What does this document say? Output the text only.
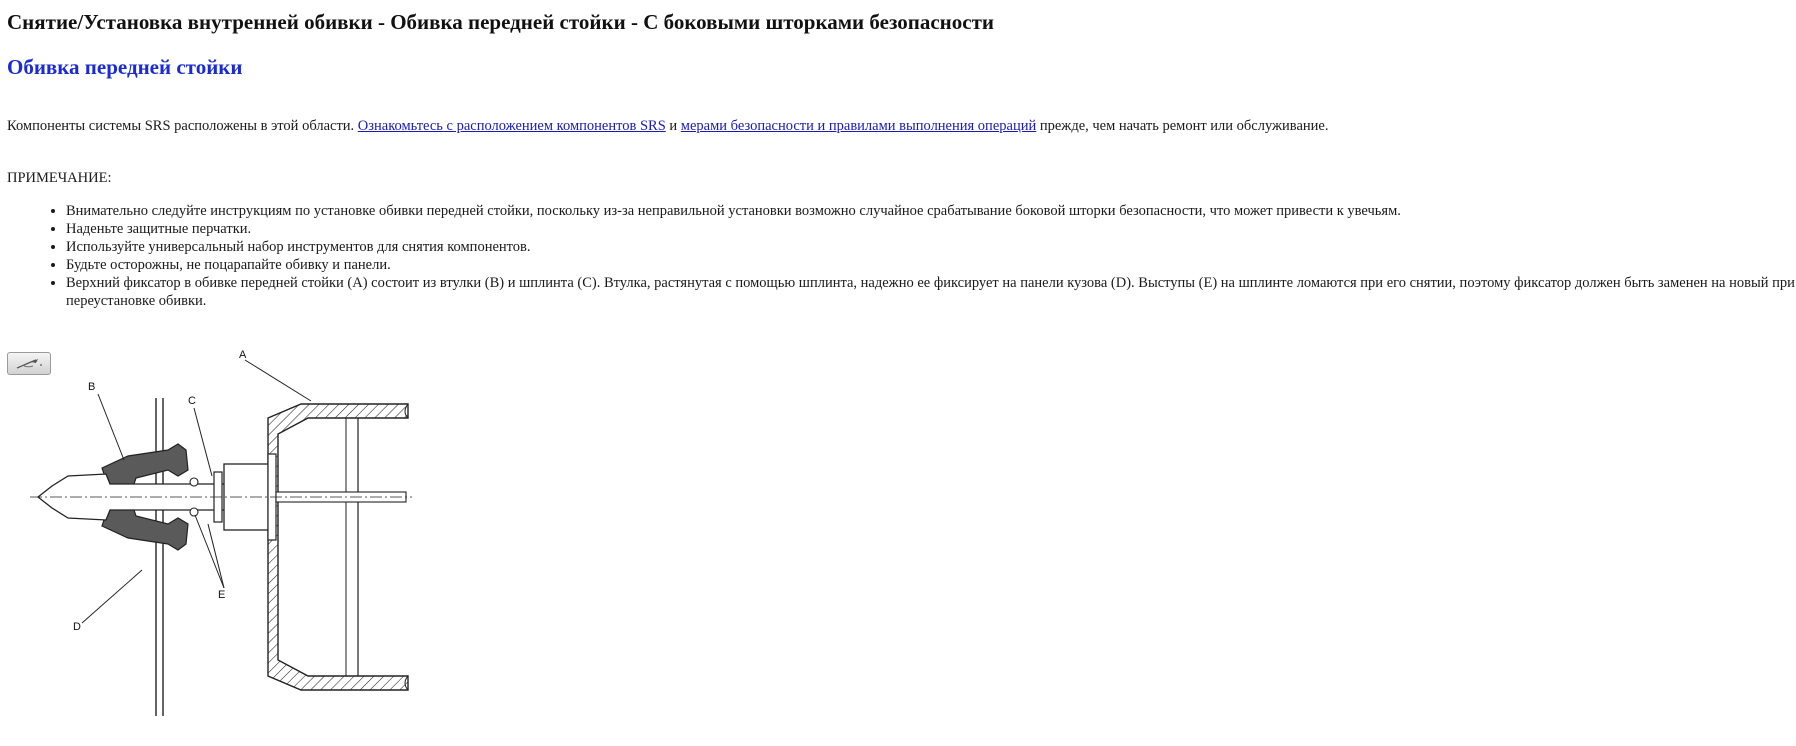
Снятие/Установка внутренней обивки - Обивка передней стойки - С боковыми шторками безопасности
Обивка передней стойки

Компоненты системы SRS расположены в этой области. Ознакомьтесь с расположением компонентов SRS и мерами безопасности и правилами выполнения операций прежде, чем начать ремонт или обслуживание.

ПРИМЕЧАНИЕ:

• Внимательно следуйте инструкциям по установке обивки передней стойки, поскольку из-за неправильной установки возможно случайное срабатывание боковой шторки безопасности, что может привести к увечьям.
• Наденьте защитные перчатки.
• Используйте универсальный набор инструментов для снятия компонентов.
• Будьте осторожны, не поцарапайте обивку и панели.
• Верхний фиксатор в обивке передней стойки (A) состоит из втулки (B) и шплинта (C). Втулка, растянутая с помощью шплинта, надежно ее фиксирует на панели кузова (D). Выступы (E) на шплинте ломаются при его снятии, поэтому фиксатор должен быть заменен на новый при переустановке обивки.
A
B
C
D
E
